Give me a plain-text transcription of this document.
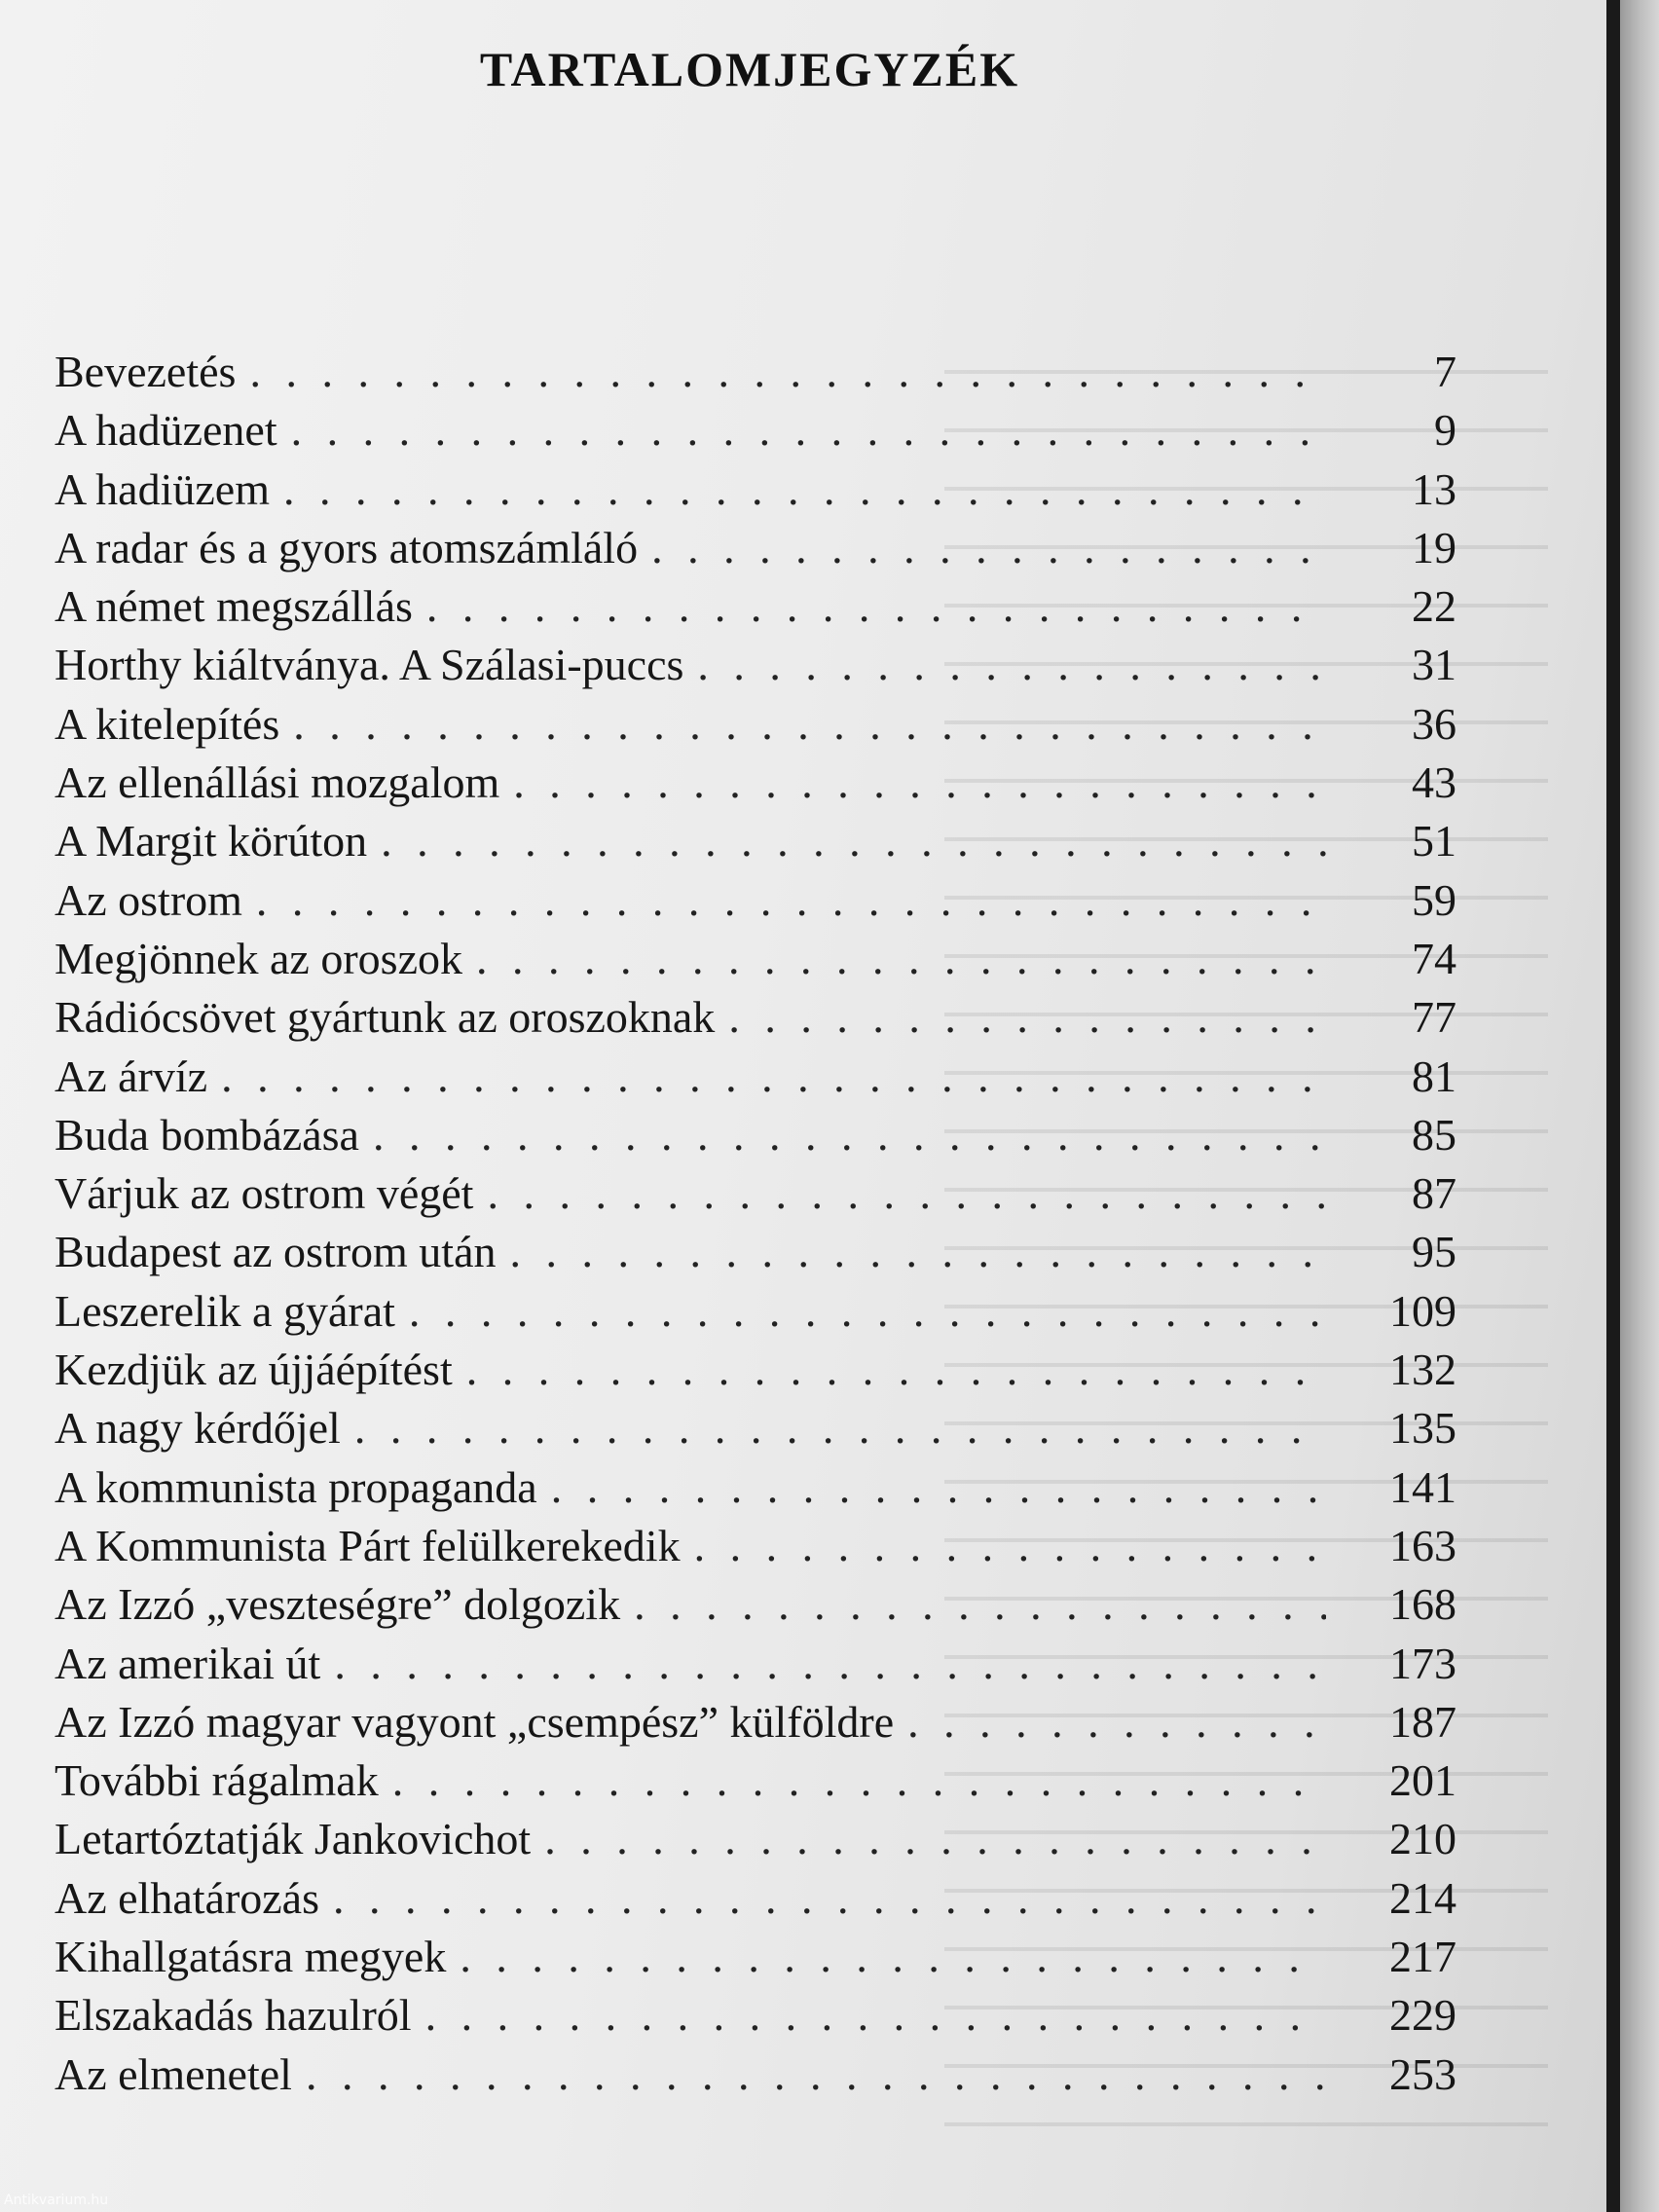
TARTALOMJEGYZÉK
Bevezetés . . .	7
A hadüzenet . . .	9
A hadiüzem . . .	13
A radar és a gyors atomszámláló . . .	19
A német megszállás . . .	22
Horthy kiáltványa. A Szálasi-puccs . . .	31
A kitelepítés . . .	36
Az ellenállási mozgalom . . .	43
A Margit körúton . . .	51
Az ostrom . . .	59
Megjönnek az oroszok . . .	74
Rádiócsövet gyártunk az oroszoknak . . .	77
Az árvíz . . .	81
Buda bombázása . . .	85
Várjuk az ostrom végét . . .	87
Budapest az ostrom után . . .	95
Leszerelik a gyárat . . .	109
Kezdjük az újjáépítést . . .	132
A nagy kérdőjel . . .	135
A kommunista propaganda . . .	141
A Kommunista Párt felülkerekedik . . .	163
Az Izzó „veszteségre” dolgozik . . .	168
Az amerikai út . . .	173
Az Izzó magyar vagyont „csempész” külföldre . . .	187
További rágalmak . . .	201
Letartóztatják Jankovichot . . .	210
Az elhatározás . . .	214
Kihallgatásra megyek . . .	217
Elszakadás hazulról . . .	229
Az elmenetel . . .	253
Antikvarium.hu
